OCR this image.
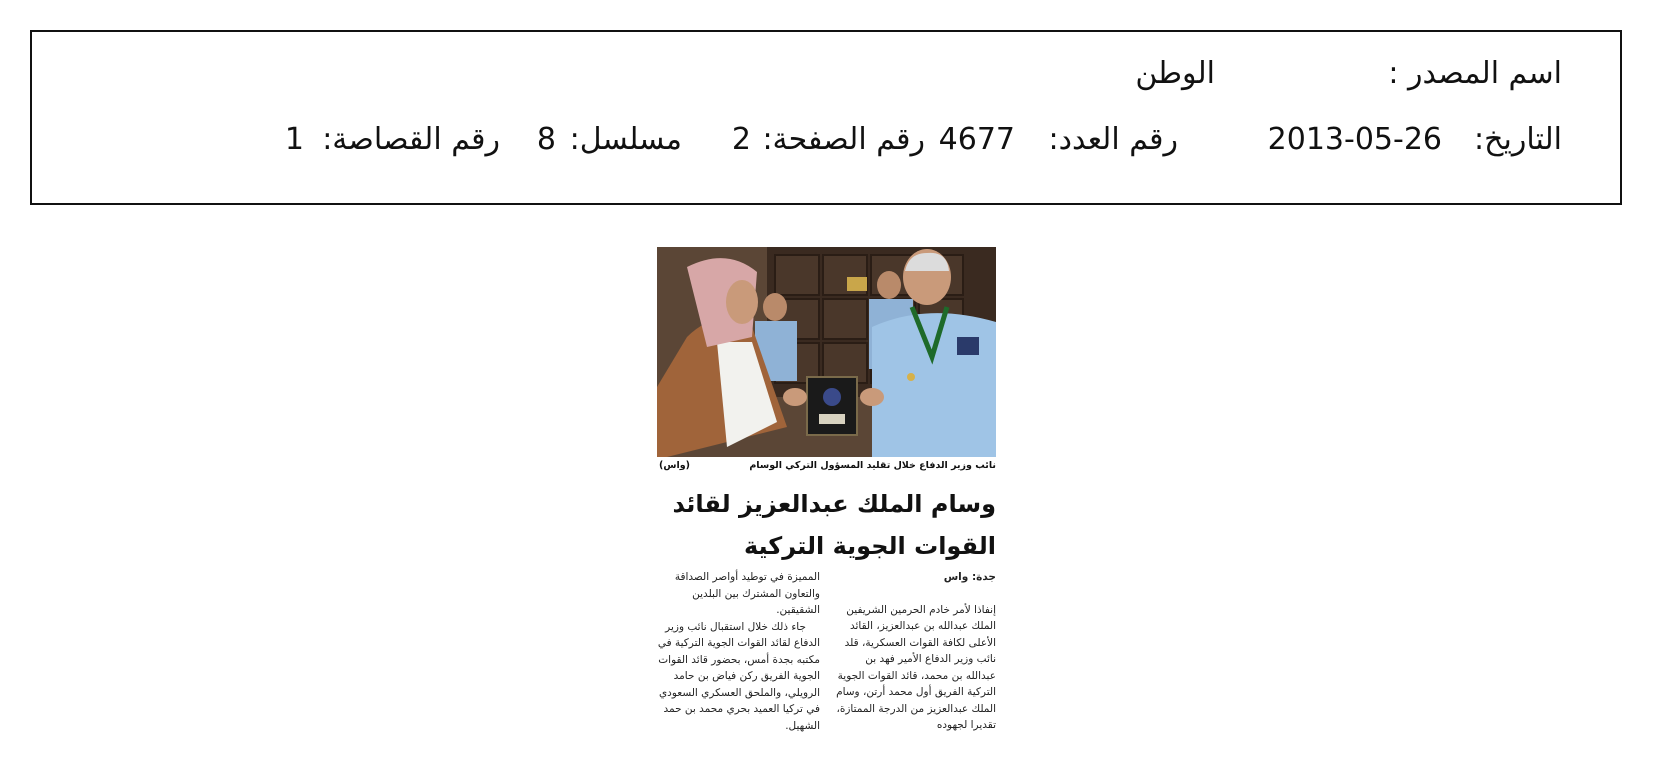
اسم المصدر :
الوطن
التاريخ:
2013-05-26
رقم العدد:
4677
رقم الصفحة:
2
مسلسل:
8
رقم القصاصة:
1
نائب وزير الدفاع خلال تقليد المسؤول التركي الوسام
(واس)
وسام الملك عبدالعزيز لقائد
القوات الجوية التركية
جدة: واس
إنفاذا لأمر خادم الحرمين الشريفين الملك عبدالله بن عبدالعزيز، القائد الأعلى لكافة القوات العسكرية، قلد نائب وزير الدفاع الأمير فهد بن عبدالله بن محمد، قائد القوات الجوية التركية الفريق أول محمد أرتن، وسام الملك عبدالعزيز من الدرجة الممتازة، تقديرا لجهوده
المميزة في توطيد أواصر الصداقة والتعاون المشترك بين البلدين الشقيقين.
جاء ذلك خلال استقبال نائب وزير الدفاع لقائد القوات الجوية التركية في مكتبه بجدة أمس، بحضور قائد القوات الجوية الفريق ركن فياض بن حامد الرويلي، والملحق العسكري السعودي في تركيا العميد بحري محمد بن حمد الشهيل.
